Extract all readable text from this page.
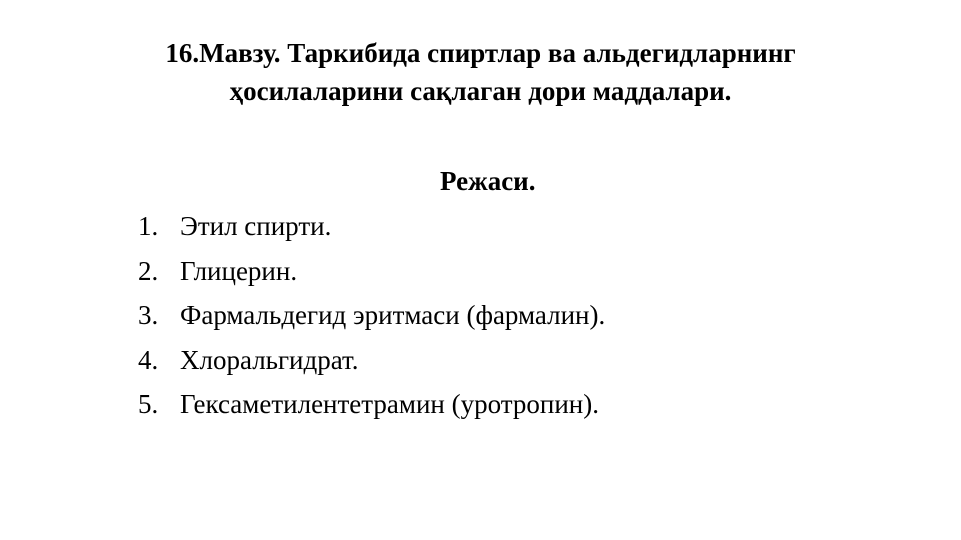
16.Мавзу. Таркибида спиртлар ва альдегидларнинг
ҳосилаларини сақлаган дори маддалари.
Режаси.
1. Этил спирти.
2. Глицерин.
3. Фармальдегид эритмаси (фармалин).
4. Хлоральгидрат.
5. Гексаметилентетрамин (уротропин).
